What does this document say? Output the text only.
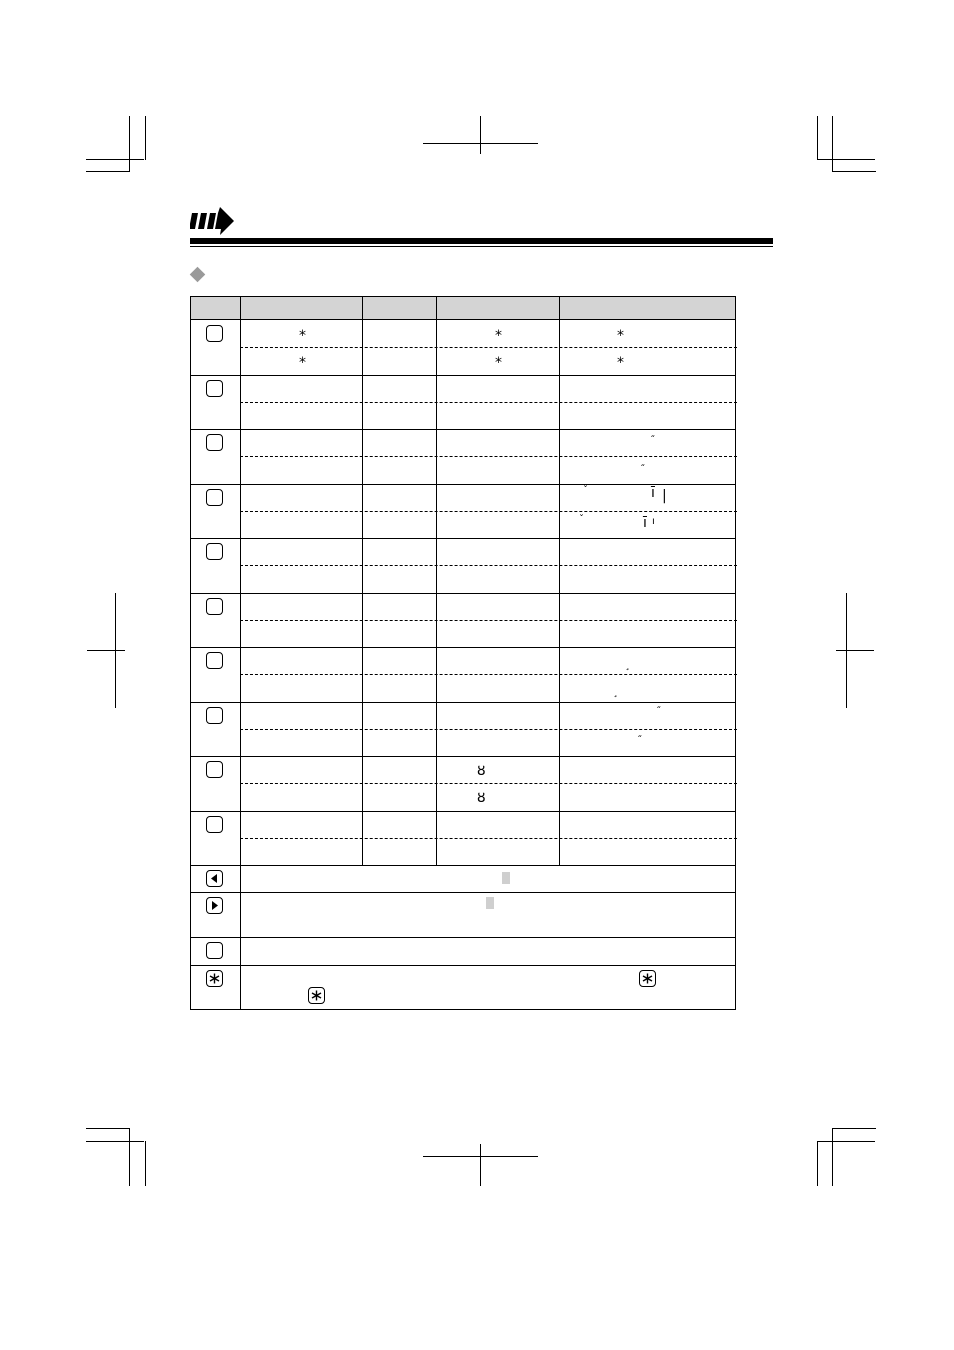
*
*
*
*
*
*
˝
˝
ˇ	ī |
ˇ	ī ı
¸
¸
˝
˝
ȣ
ȣ
